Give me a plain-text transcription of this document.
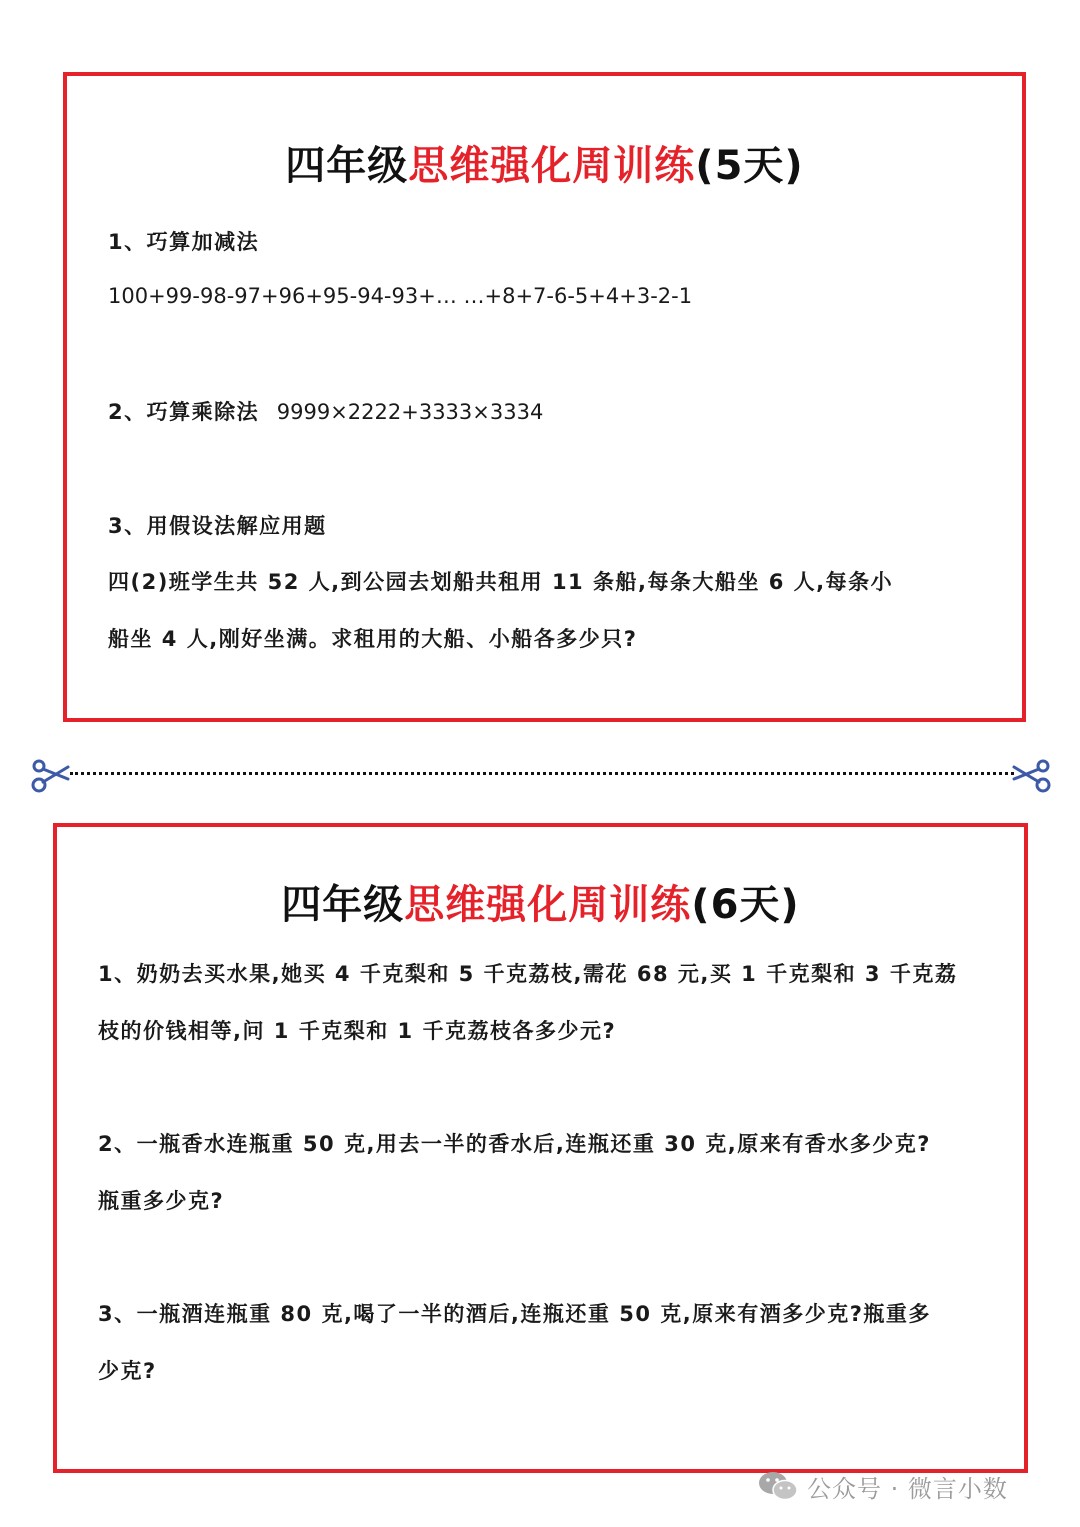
四年级思维强化周训练(5天)
1、巧算加减法
100+99-98-97+96+95-94-93+… …+8+7-6-5+4+3-2-1
2、巧算乘除法 9999×2222+3333×3334
3、用假设法解应用题
四(2)班学生共 52 人,到公园去划船共租用 11 条船,每条大船坐 6 人,每条小
船坐 4 人,刚好坐满。求租用的大船、小船各多少只?
四年级思维强化周训练(6天)
1、奶奶去买水果,她买 4 千克梨和 5 千克荔枝,需花 68 元,买 1 千克梨和 3 千克荔
枝的价钱相等,问 1 千克梨和 1 千克荔枝各多少元?
2、一瓶香水连瓶重 50 克,用去一半的香水后,连瓶还重 30 克,原来有香水多少克?
瓶重多少克?
3、一瓶酒连瓶重 80 克,喝了一半的酒后,连瓶还重 50 克,原来有酒多少克?瓶重多
少克?
公众号 · 微言小数
